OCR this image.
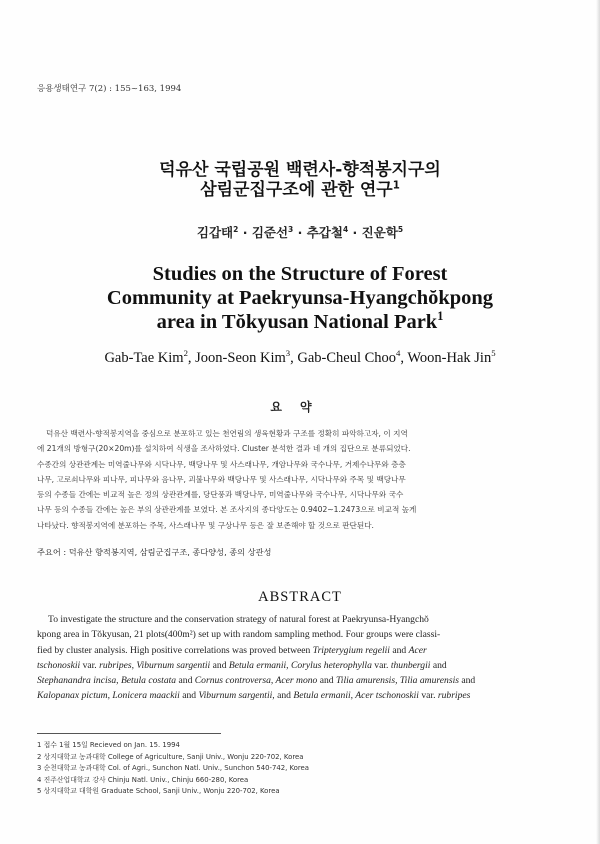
응용생태연구 7(2) : 155~163, 1994
덕유산 국립공원 백련사-향적봉지구의
삼림군집구조에 관한 연구$^1$
김갑태$^2$ · 김준선$^3$ · 추갑철$^4$ · 진운학$^5$
Studies on the Structure of Forest
Community at Paekryunsa-Hyangchŏkpong
area in Tŏkyusan National Park$^1$
Gab-Tae Kim$^2$, Joon-Seon Kim$^3$, Gab-Cheul Choo$^4$, Woon-Hak Jin$^5$
요약
덕유산 백련사-향적봉지역을 중심으로 분포하고 있는 천연림의 생육현황과 구조를 정확히 파악하고자, 이 지역
에 21개의 방형구(20×20m)를 설치하여 식생을 조사하였다. Cluster 분석한 결과 네 개의 집단으로 분류되었다.
수종간의 상관관계는 미역줄나무와 시닥나무, 백당나무 및 사스래나무, 개암나무와 국수나무, 거제수나무와 층층
나무, 고로쇠나무와 피나무, 피나무와 음나무, 괴불나무와 백당나무 및 사스래나무, 시닥나무와 주목 및 백당나무
등의 수종들 간에는 비교적 높은 정의 상관관계를, 당단풍과 백당나무, 미역줄나무와 국수나무, 시닥나무와 국수
나무 등의 수종들 간에는 높은 부의 상관관계를 보였다. 본 조사지의 종다양도는 0.9402~1.2473으로 비교적 높게
나타났다. 향적봉지역에 분포하는 주목, 사스래나무 및 구상나무 등은 잘 보존해야 할 것으로 판단된다.
주요어 : 덕유산 향적봉지역, 삼림군집구조, 종다양성, 종의 상관성
ABSTRACT
To investigate the structure and the conservation strategy of natural forest at Paekryunsa-Hyangchŏ
kpong area in Tŏkyusan, 21 plots(400m²) set up with random sampling method. Four groups were classi-
fied by cluster analysis. High positive correlations was proved between Tripterygium regelii and Acer
tschonoskii var. rubripes, Viburnum sargentii and Betula ermanii, Corylus heterophylla var. thunbergii and
Stephanandra incisa, Betula costata and Cornus controversa, Acer mono and Tilia amurensis, Tilia amurensis and
Kalopanax pictum, Lonicera maackii and Viburnum sargentii, and Betula ermanii, Acer tschonoskii var. rubripes
1 접수 1월 15일 Recieved on Jan. 15. 1994
2 상지대학교 농과대학 College of Agriculture, Sanji Univ., Wonju 220-702, Korea
3 순천대학교 농과대학 Col. of Agri., Sunchon Natl. Univ., Sunchon 540-742, Korea
4 진주산업대학교 강사 Chinju Natl. Univ., Chinju 660-280, Korea
5 상지대학교 대학원 Graduate School, Sanji Univ., Wonju 220-702, Korea
